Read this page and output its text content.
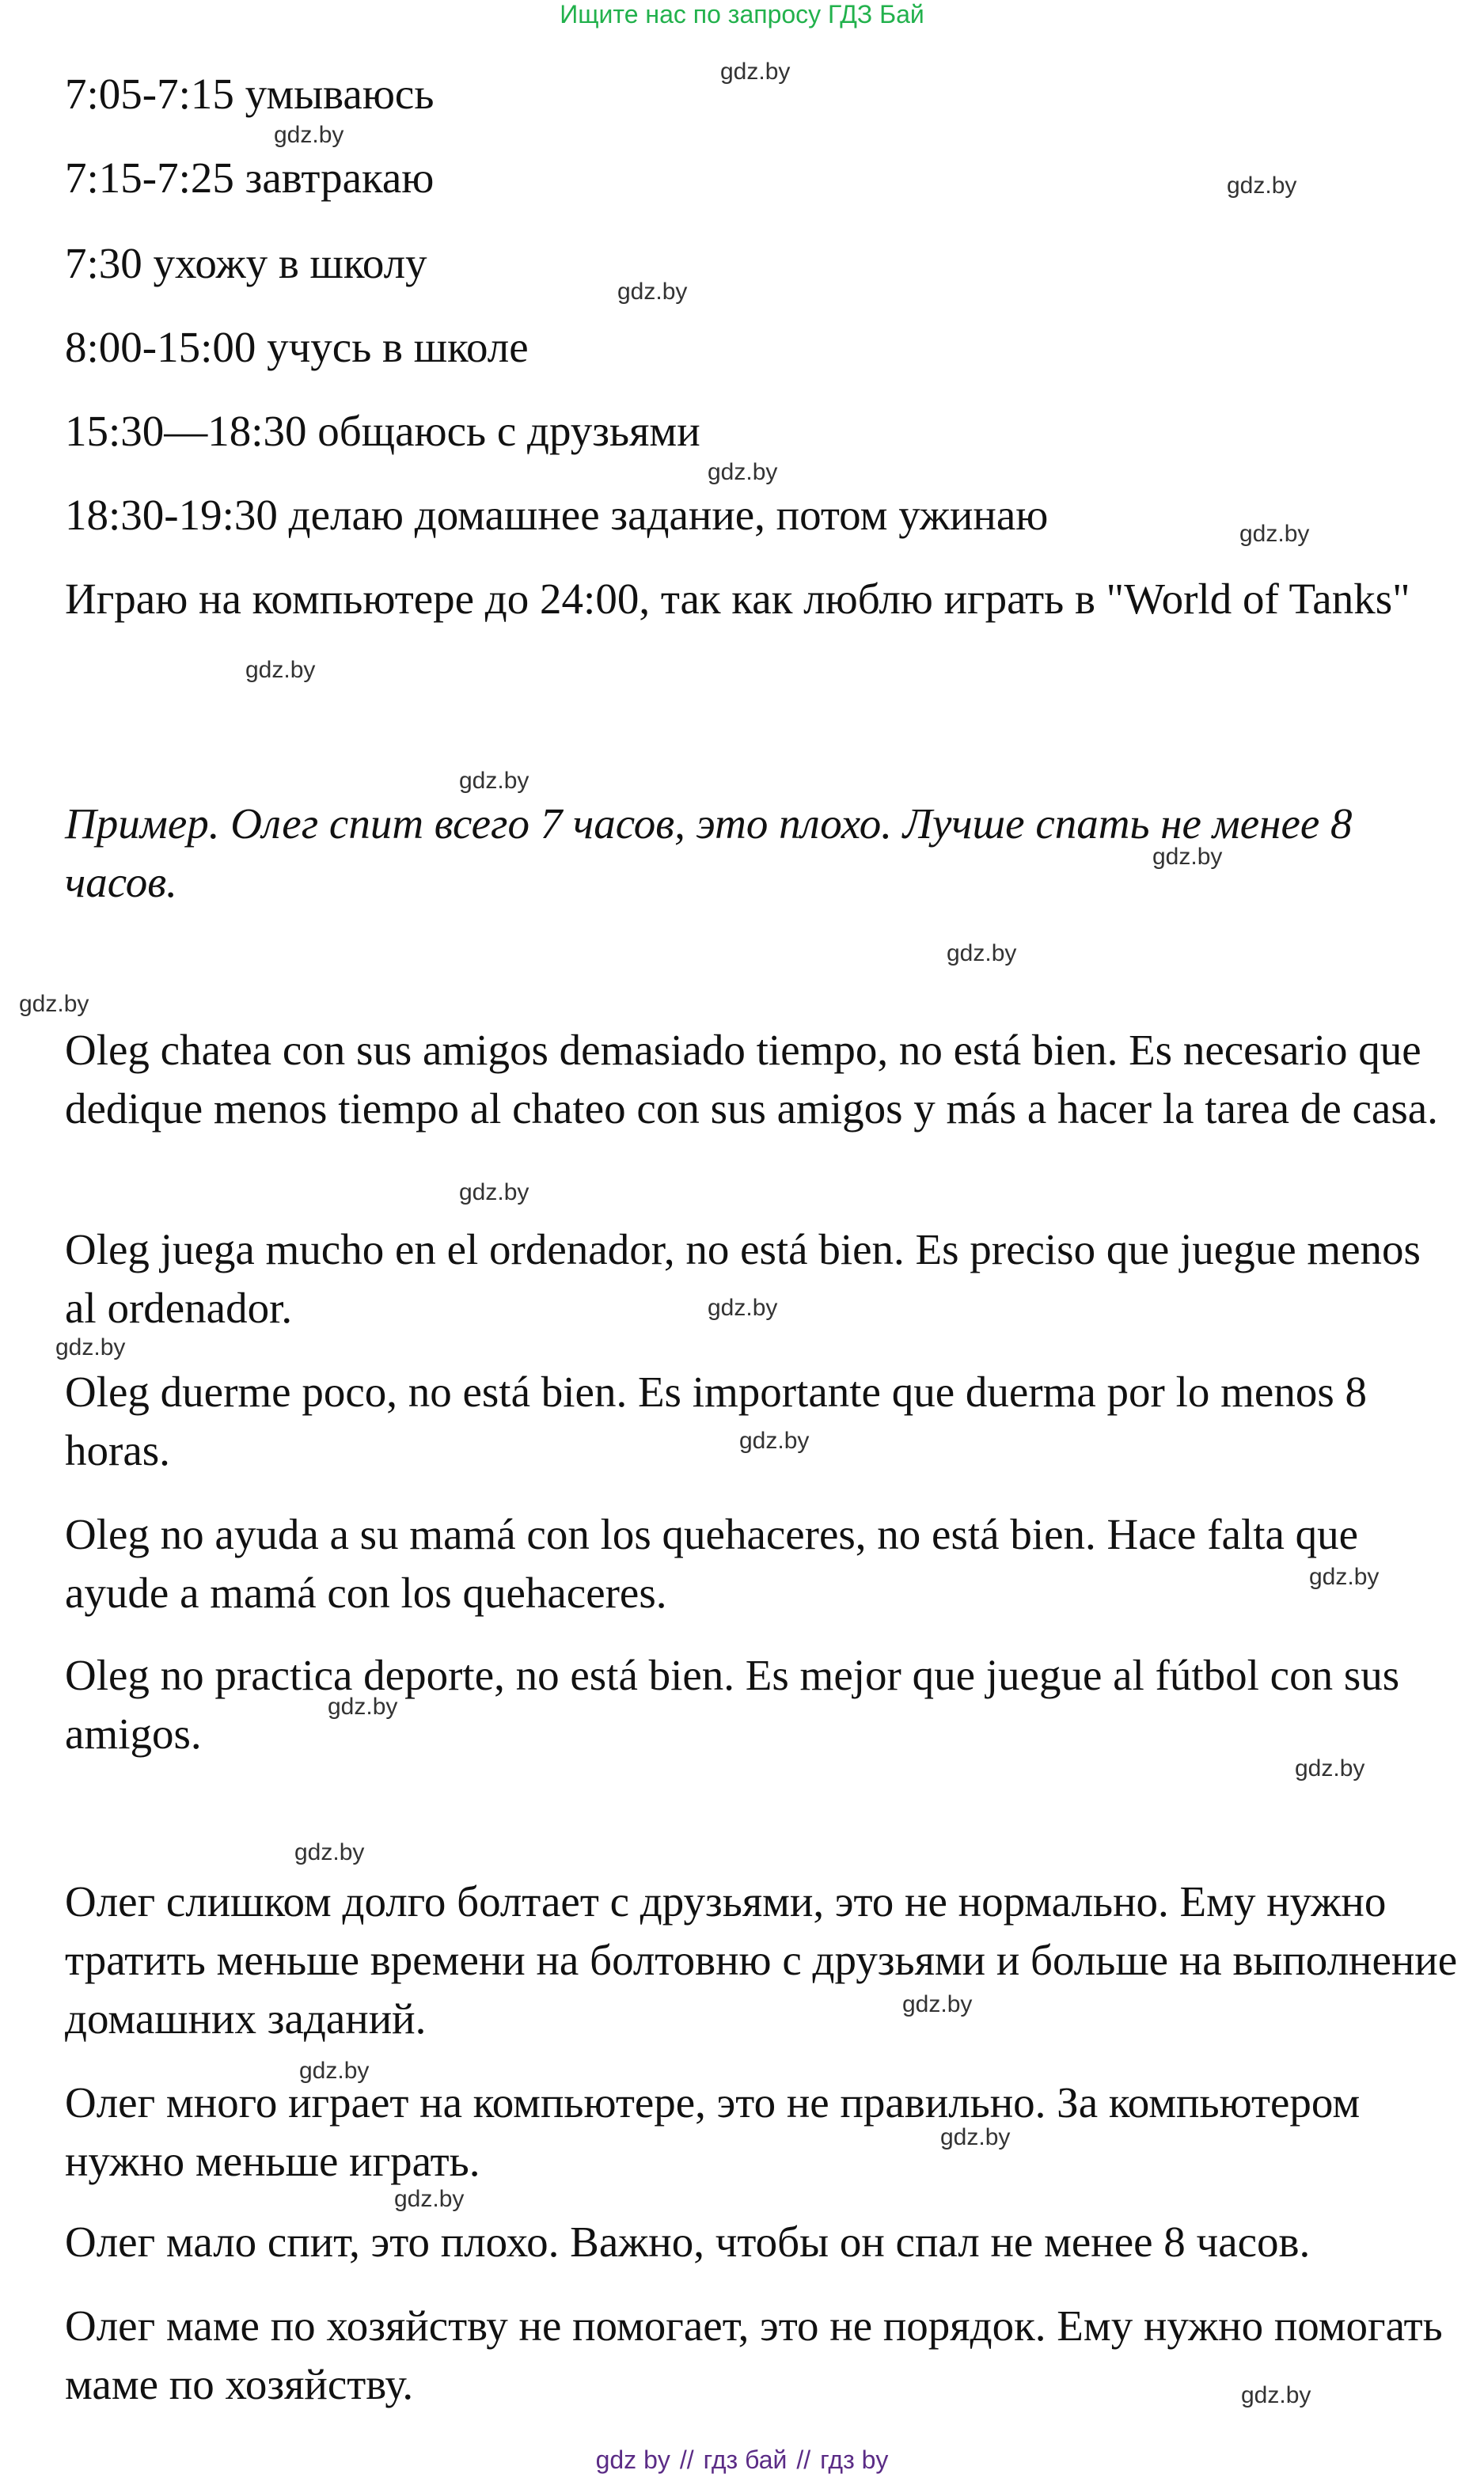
Ищите нас по запросу ГДЗ Бай

7:05-7:15 умываюсь

7:15-7:25 завтракаю

7:30 ухожу в школу

8:00-15:00 учусь в школе

15:30—18:30 общаюсь с друзьями

18:30-19:30 делаю домашнее задание, потом ужинаю

Играю на компьютере до 24:00, так как люблю играть в "World of Tanks"

Пример. Олег спит всего 7 часов, это плохо. Лучше спать не менее 8 часов.

Oleg chatea con sus amigos demasiado tiempo, no está bien. Es necesario que dedique menos tiempo al chateo con sus amigos y más a hacer la tarea de casa.

Oleg juega mucho en el ordenador, no está bien. Es preciso que juegue menos al ordenador.

Oleg duerme poco, no está bien. Es importante que duerma por lo menos 8 horas.

Oleg no ayuda a su mamá con los quehaceres, no está bien. Hace falta que ayude a mamá con los quehaceres.

Oleg no practica deporte, no está bien. Es mejor que juegue al fútbol con sus amigos.

Олег слишком долго болтает с друзьями, это не нормально. Ему нужно тратить меньше времени на болтовню с друзьями и больше на выполнение домашних заданий.

Олег много играет на компьютере, это не правильно. За компьютером нужно меньше играть.

Олег мало спит, это плохо. Важно, чтобы он спал не менее 8 часов.

Олег маме по хозяйству не помогает, это не порядок. Ему нужно помогать маме по хозяйству.

gdz.by
gdz.by
gdz.by
gdz.by
gdz.by
gdz.by
gdz.by
gdz.by
gdz.by
gdz.by
gdz.by
gdz.by
gdz.by
gdz.by
gdz.by
gdz.by
gdz.by
gdz.by
gdz.by
gdz.by
gdz.by
gdz.by
gdz.by
gdz.by
gdz by // гдз бай // гдз by
